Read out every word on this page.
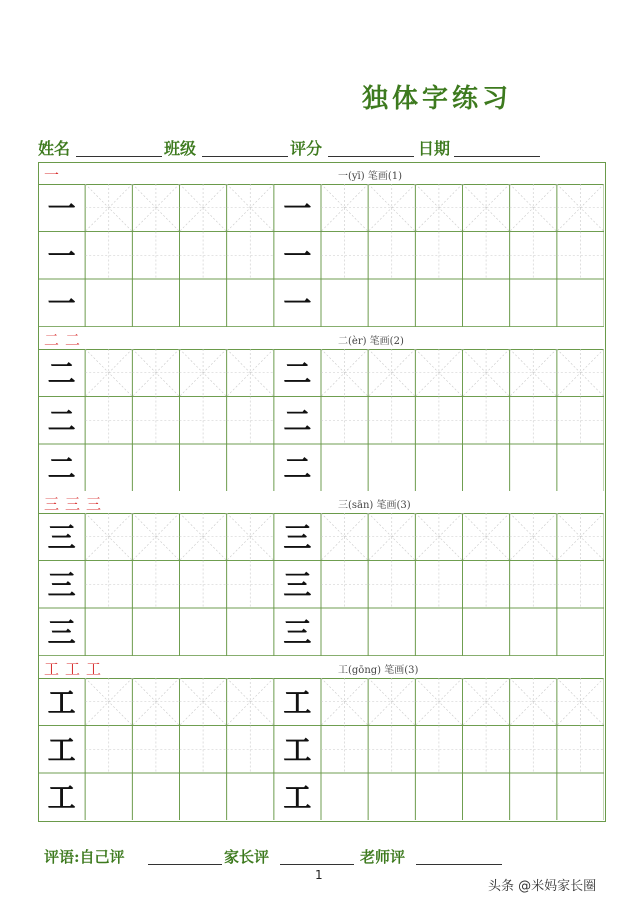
独体字练习
姓名	班级	评分	日期
一	一(yī) 笔画(1)
一	一
一	一
一	一
二 二	二(èr) 笔画(2)
二	二
二	二
二	二
三 三 三	三(sān) 笔画(3)
三	三
三	三
三	三
工 工 工	工(gōng) 笔画(3)
工	工
工	工
工	工
评语:自己评	家长评	老师评
1
头条 @米妈家长圈
